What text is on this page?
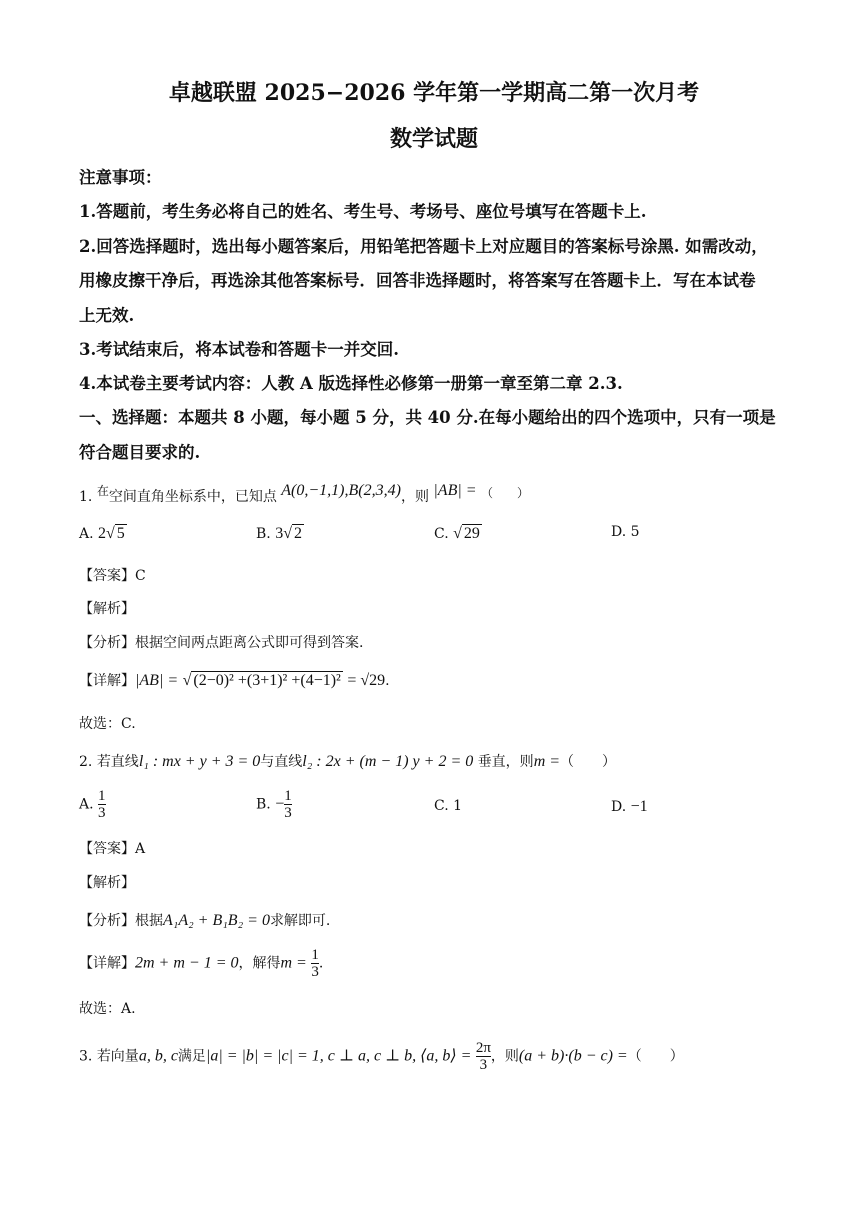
卓越联盟 2025−2026 学年第一学期高二第一次月考
数学试题
注意事项：
1.答题前，考生务必将自己的姓名、考生号、考场号、座位号填写在答题卡上.
2.回答选择题时，选出每小题答案后，用铅笔把答题卡上对应题目的答案标号涂黑. 如需改动，
用橡皮擦干净后，再选涂其他答案标号．回答非选择题时，将答案写在答题卡上．写在本试卷
上无效.
3.考试结束后，将本试卷和答题卡一并交回.
4.本试卷主要考试内容：人教 A 版选择性必修第一册第一章至第二章 2.3.
一、选择题：本题共 8 小题，每小题 5 分，共 40 分.在每小题给出的四个选项中，只有一项是
符合题目要求的.
1. 在空间直角坐标系中，已知点 A(0,−1,1),B(2,3,4)，则 |AB| = （　　）
A. 2√ 5	B. 3√ 2	C. √ 29	D. 5
【答案】C
【解析】
【分析】根据空间两点距离公式即可得到答案.
【详解】|AB| = √ (2−0)² +(3+1)² +(4−1)² = √29.
故选：C.
2. 若直线l₁ : mx + y + 3 = 0与直线l₂ : 2x + (m − 1) y + 2 = 0 垂直，则m =（　　）
A. $\frac{1}{3}$	B. − $\frac{1}{3}$	C. 1	D. −1
【答案】A
【解析】
【分析】根据A₁A₂ + B₁B₂ = 0求解即可.
【详解】2m + m − 1 = 0，解得$m = \frac{1}{3}$ .
故选：A.
3. 若向量a, b, c满足|a| = |b| = |c| = 1, c ⊥ a, c ⊥ b, ⟨a, b⟩ = $\frac{2\pi}{3}$ ，则(a + b)·(b − c) =（　　）
